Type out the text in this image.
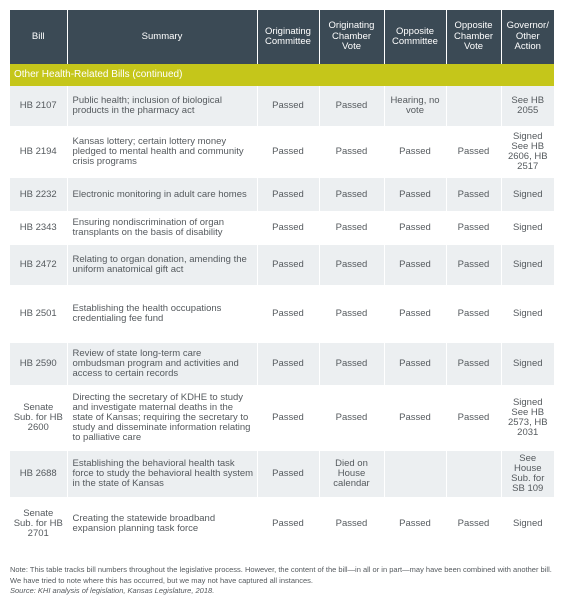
Bill	Summary	Originating Committee	Originating Chamber Vote	Opposite Committee	Opposite Chamber Vote	Governor/ Other Action
Other Health-Related Bills (continued)						
HB 2107	Public health; inclusion of biological products in the pharmacy act	Passed	Passed	Hearing, no vote		See HB 2055
HB 2194	Kansas lottery; certain lottery money pledged to mental health and community crisis programs	Passed	Passed	Passed	Passed	Signed See HB 2606, HB 2517
HB 2232	Electronic monitoring in adult care homes	Passed	Passed	Passed	Passed	Signed
HB 2343	Ensuring nondiscrimination of organ transplants on the basis of disability	Passed	Passed	Passed	Passed	Signed
HB 2472	Relating to organ donation, amending the uniform anatomical gift act	Passed	Passed	Passed	Passed	Signed
HB 2501	Establishing the health occupations credentialing fee fund	Passed	Passed	Passed	Passed	Signed
HB 2590	Review of state long-term care ombudsman program and activities and access to certain records	Passed	Passed	Passed	Passed	Signed
Senate Sub. for HB 2600	Directing the secretary of KDHE to study and investigate maternal deaths in the state of Kansas; requiring the secretary to study and disseminate information relating to palliative care	Passed	Passed	Passed	Passed	Signed See HB 2573, HB 2031
HB 2688	Establishing the behavioral health task force to study the behavioral health system in the state of Kansas	Passed	Died on House calendar			See House Sub. for SB 109
Senate Sub. for HB 2701	Creating the statewide broadband expansion planning task force	Passed	Passed	Passed	Passed	Signed
Note: This table tracks bill numbers throughout the legislative process. However, the content of the bill—in all or in part—may have been combined with another bill. We have tried to note where this has occurred, but we may not have captured all instances.
Source: KHI analysis of legislation, Kansas Legislature, 2018.
